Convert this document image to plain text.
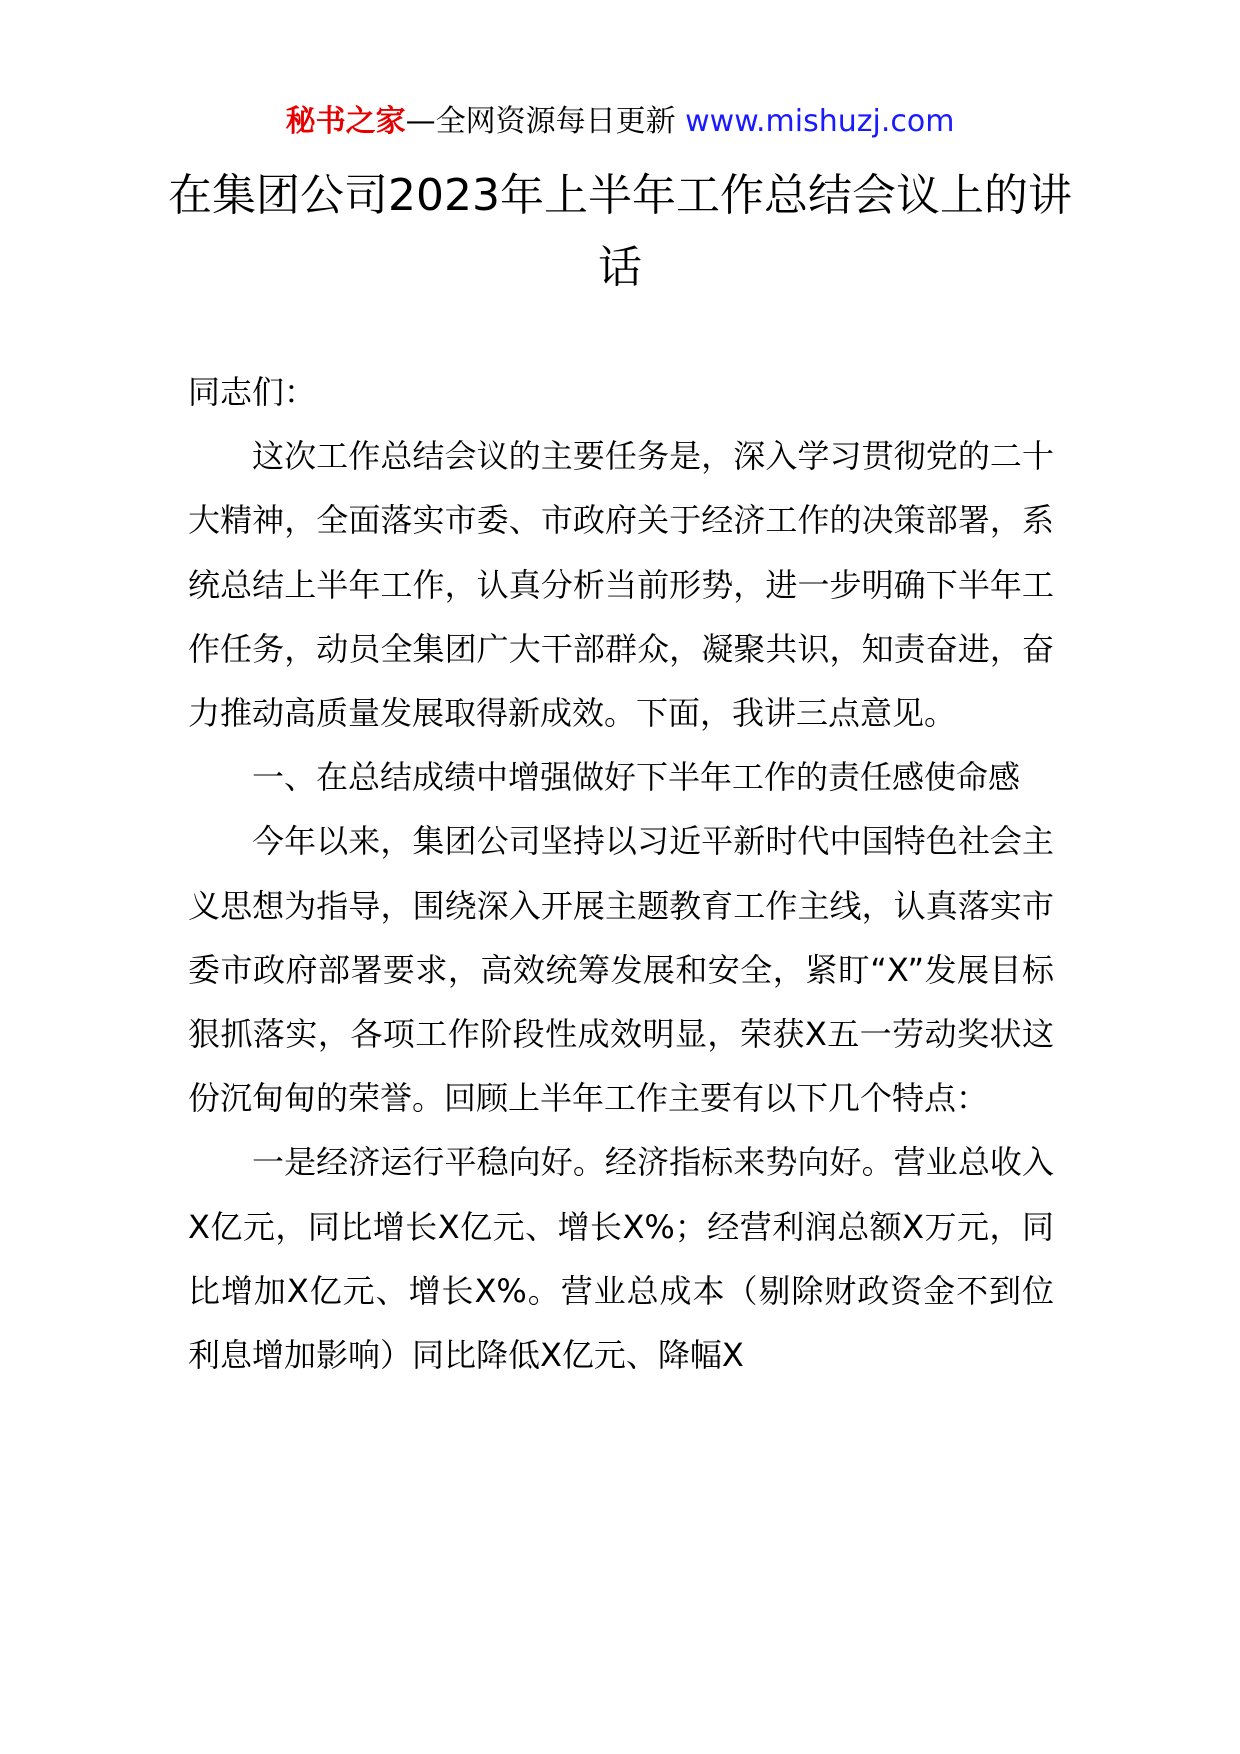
秘书之家—全网资源每日更新 www.mishuzj.com
在集团公司2023年上半年工作总结会议上的讲话

同志们：

这次工作总结会议的主要任务是，深入学习贯彻党的二十大精神，全面落实市委、市政府关于经济工作的决策部署，系统总结上半年工作，认真分析当前形势，进一步明确下半年工作任务，动员全集团广大干部群众，凝聚共识，知责奋进，奋力推动高质量发展取得新成效。下面，我讲三点意见。

一、在总结成绩中增强做好下半年工作的责任感使命感

今年以来，集团公司坚持以习近平新时代中国特色社会主义思想为指导，围绕深入开展主题教育工作主线，认真落实市委市政府部署要求，高效统筹发展和安全，紧盯“X”发展目标狠抓落实，各项工作阶段性成效明显，荣获X五一劳动奖状这份沉甸甸的荣誉。回顾上半年工作主要有以下几个特点：

一是经济运行平稳向好。经济指标来势向好。营业总收入X亿元，同比增长X亿元、增长X%；经营利润总额X万元，同比增加X亿元、增长X%。营业总成本（剔除财政资金不到位利息增加影响）同比降低X亿元、降幅X
